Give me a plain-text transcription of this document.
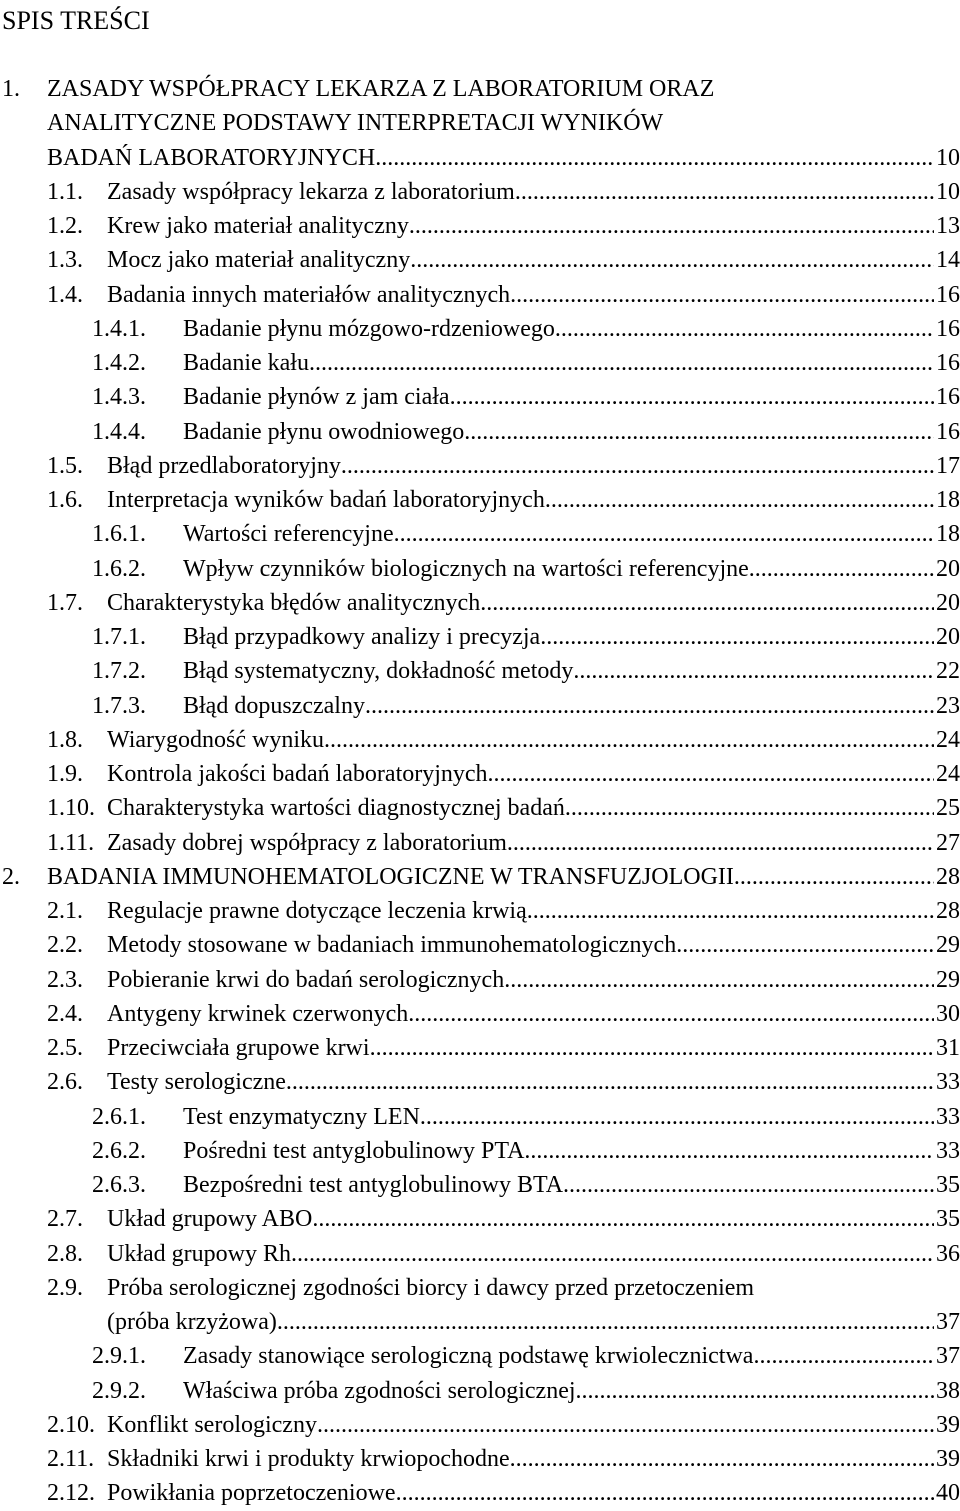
SPIS TREŚCI
1. ZASADY WSPÓŁPRACY LEKARZA Z LABORATORIUM ORAZ
ANALITYCZNE PODSTAWY INTERPRETACJI WYNIKÓW
BADAŃ LABORATORYJNYCH .....	10
1.1. Zasady współpracy lekarza z laboratorium .....	10
1.2. Krew jako materiał analityczny .....	13
1.3. Mocz jako materiał analityczny .....	14
1.4. Badania innych materiałów analitycznych .....	16
1.4.1. Badanie płynu mózgowo-rdzeniowego .....	16
1.4.2. Badanie kału .....	16
1.4.3. Badanie płynów z jam ciała .....	16
1.4.4. Badanie płynu owodniowego .....	16
1.5. Błąd przedlaboratoryjny .....	17
1.6. Interpretacja wyników badań laboratoryjnych .....	18
1.6.1. Wartości referencyjne .....	18
1.6.2. Wpływ czynników biologicznych na wartości referencyjne .....	20
1.7. Charakterystyka błędów analitycznych .....	20
1.7.1. Błąd przypadkowy analizy i precyzja .....	20
1.7.2. Błąd systematyczny, dokładność metody .....	22
1.7.3. Błąd dopuszczalny .....	23
1.8. Wiarygodność wyniku .....	24
1.9. Kontrola jakości badań laboratoryjnych .....	24
1.10. Charakterystyka wartości diagnostycznej badań .....	25
1.11. Zasady dobrej współpracy z laboratorium .....	27
2. BADANIA IMMUNOHEMATOLOGICZNE W TRANSFUZJOLOGII .....	28
2.1. Regulacje prawne dotyczące leczenia krwią .....	28
2.2. Metody stosowane w badaniach immunohematologicznych .....	29
2.3. Pobieranie krwi do badań serologicznych .....	29
2.4. Antygeny krwinek czerwonych .....	30
2.5. Przeciwciała grupowe krwi .....	31
2.6. Testy serologiczne .....	33
2.6.1. Test enzymatyczny LEN .....	33
2.6.2. Pośredni test antyglobulinowy PTA .....	33
2.6.3. Bezpośredni test antyglobulinowy BTA .....	35
2.7. Układ grupowy ABO .....	35
2.8. Układ grupowy Rh .....	36
2.9. Próba serologicznej zgodności biorcy i dawcy przed przetoczeniem
(próba krzyżowa) .....	37
2.9.1. Zasady stanowiące serologiczną podstawę krwiolecznictwa .....	37
2.9.2. Właściwa próba zgodności serologicznej .....	38
2.10. Konflikt serologiczny .....	39
2.11. Składniki krwi i produkty krwiopochodne .....	39
2.12. Powikłania poprzetoczeniowe .....	40
